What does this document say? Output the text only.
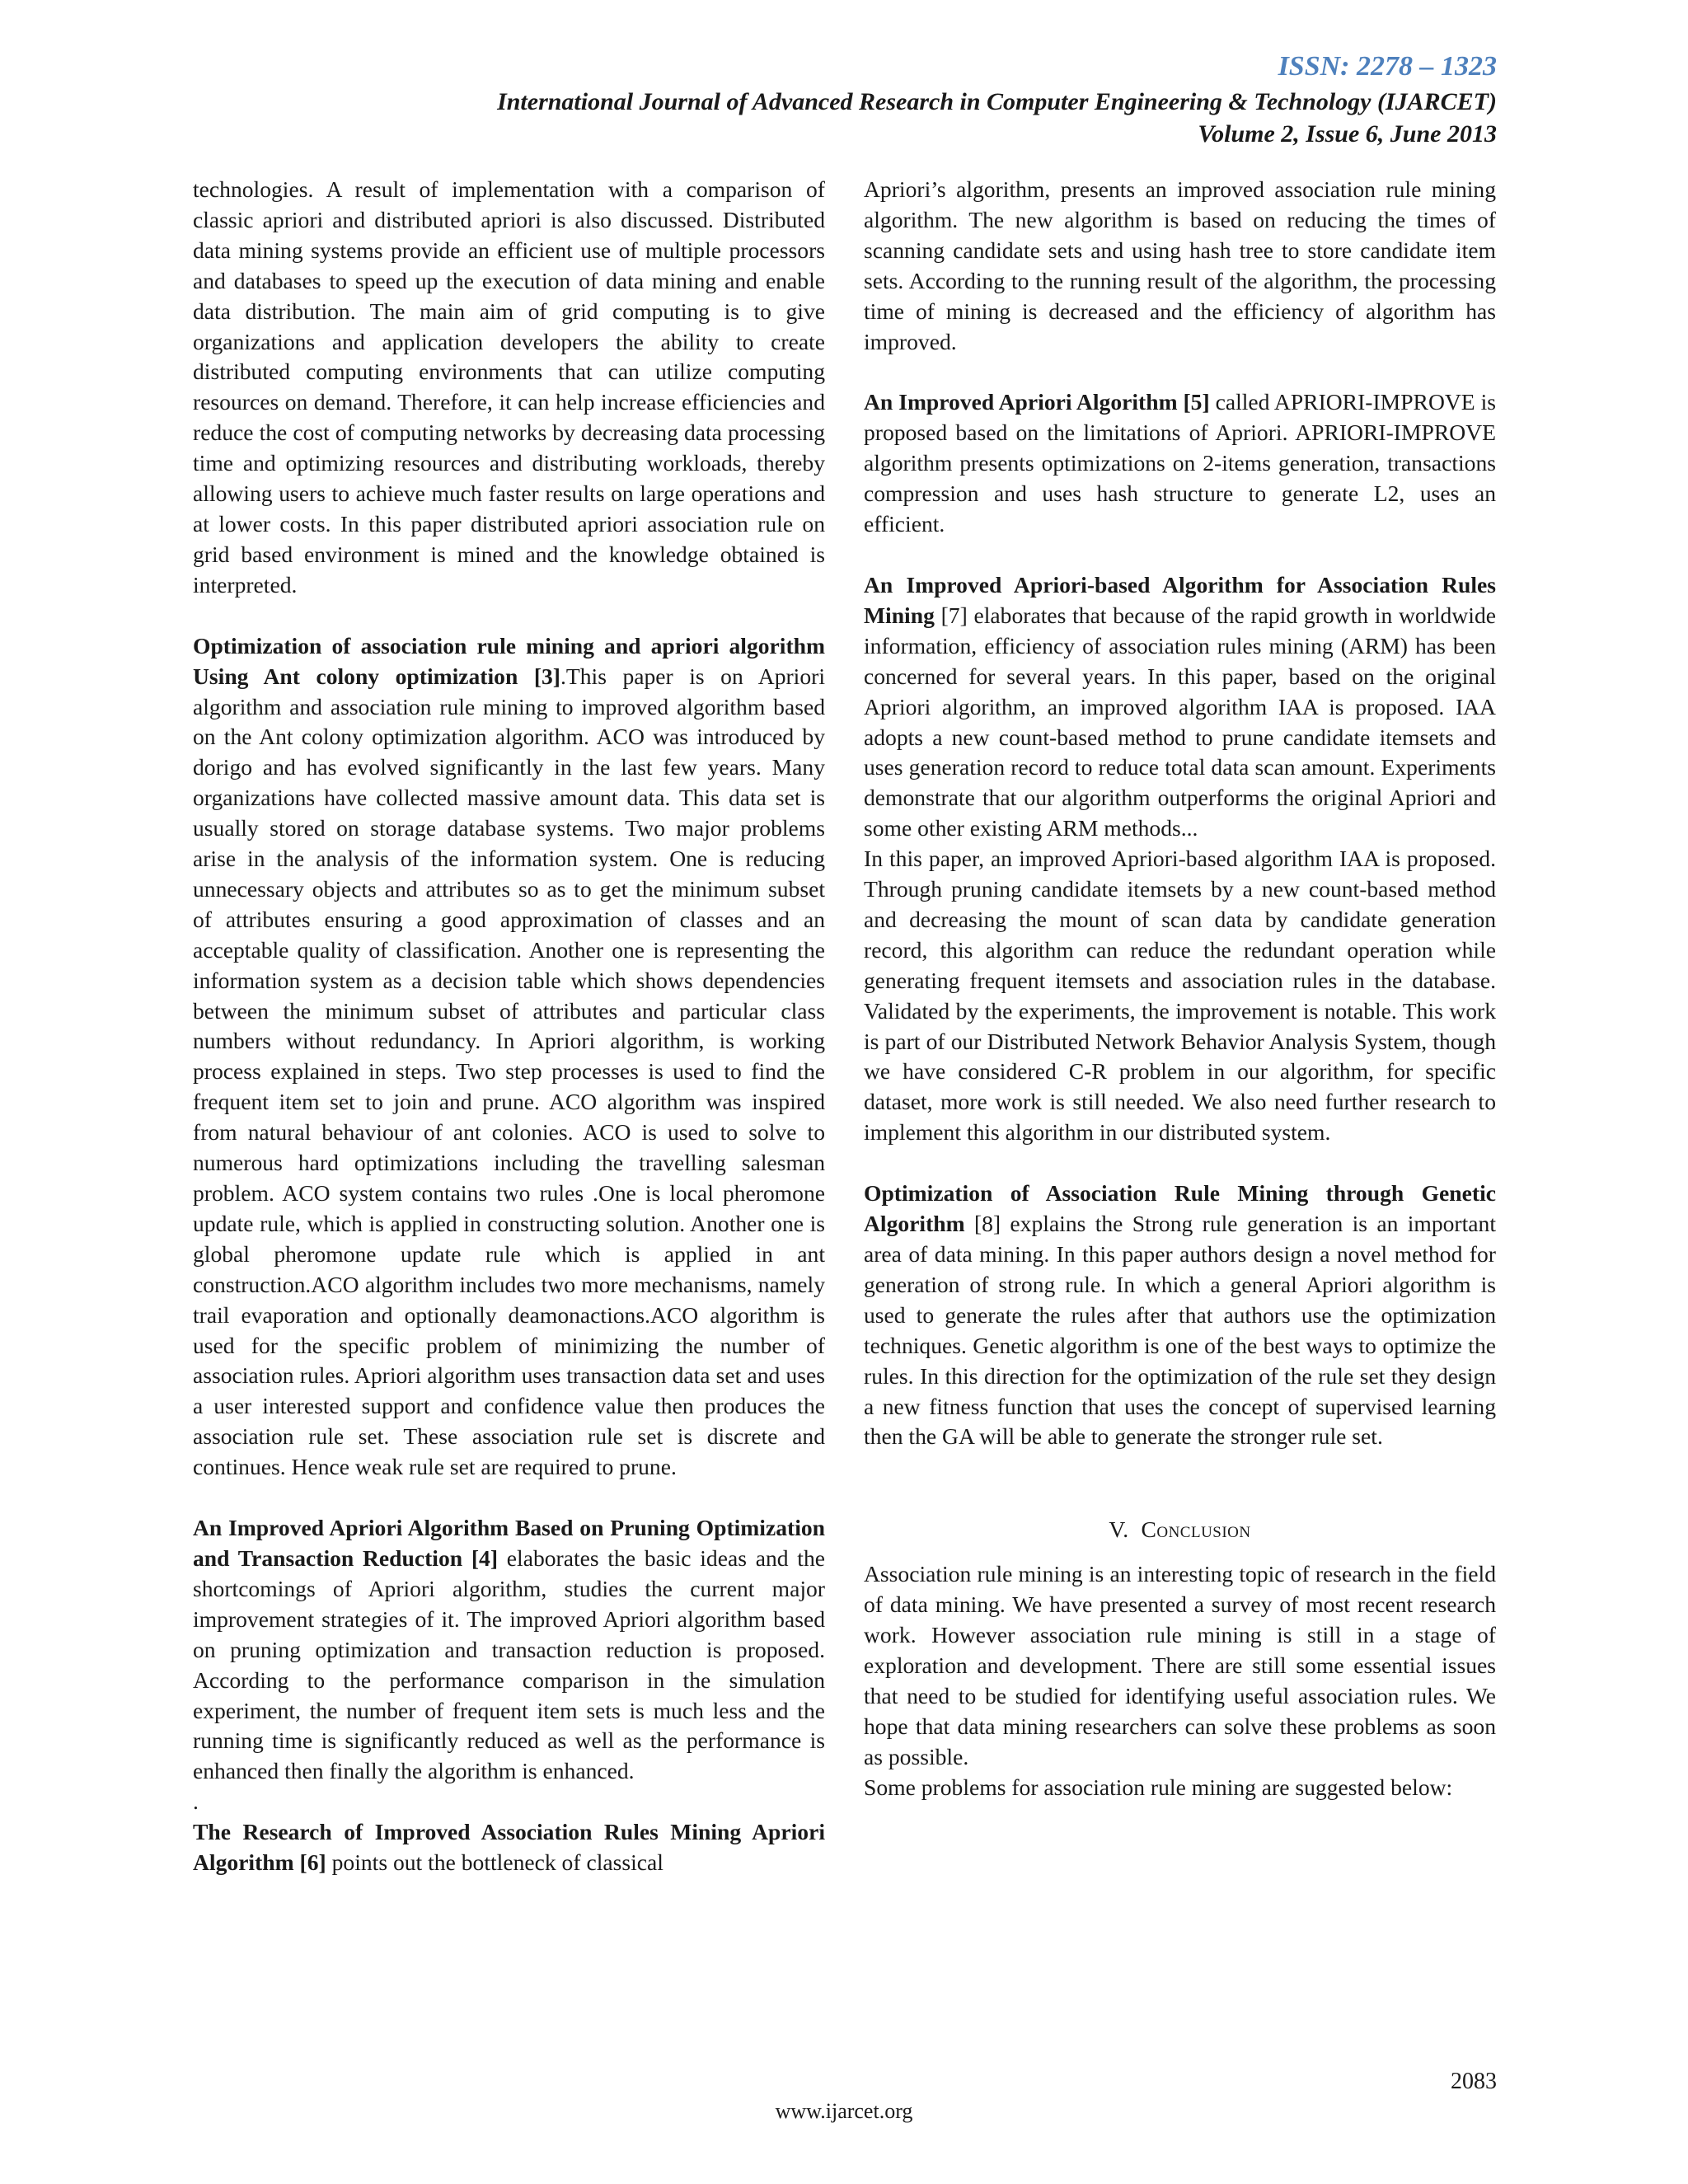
ISSN: 2278 – 1323
International Journal of Advanced Research in Computer Engineering & Technology (IJARCET)
Volume 2, Issue 6, June 2013

technologies. A result of implementation with a comparison of classic apriori and distributed apriori is also discussed. Distributed data mining systems provide an efficient use of multiple processors and databases to speed up the execution of data mining and enable data distribution. The main aim of grid computing is to give organizations and application developers the ability to create distributed computing environments that can utilize computing resources on demand. Therefore, it can help increase efficiencies and reduce the cost of computing networks by decreasing data processing time and optimizing resources and distributing workloads, thereby allowing users to achieve much faster results on large operations and at lower costs. In this paper distributed apriori association rule on grid based environment is mined and the knowledge obtained is interpreted.

Optimization of association rule mining and apriori algorithm Using Ant colony optimization [3].This paper is on Apriori algorithm and association rule mining to improved algorithm based on the Ant colony optimization algorithm. ACO was introduced by dorigo and has evolved significantly in the last few years. Many organizations have collected massive amount data. This data set is usually stored on storage database systems. Two major problems arise in the analysis of the information system. One is reducing unnecessary objects and attributes so as to get the minimum subset of attributes ensuring a good approximation of classes and an acceptable quality of classification. Another one is representing the information system as a decision table which shows dependencies between the minimum subset of attributes and particular class numbers without redundancy. In Apriori algorithm, is working process explained in steps. Two step processes is used to find the frequent item set to join and prune. ACO algorithm was inspired from natural behaviour of ant colonies. ACO is used to solve to numerous hard optimizations including the travelling salesman problem. ACO system contains two rules .One is local pheromone update rule, which is applied in constructing solution. Another one is global pheromone update rule which is applied in ant construction.ACO algorithm includes two more mechanisms, namely trail evaporation and optionally deamonactions.ACO algorithm is used for the specific problem of minimizing the number of association rules. Apriori algorithm uses transaction data set and uses a user interested support and confidence value then produces the association rule set. These association rule set is discrete and continues. Hence weak rule set are required to prune.

An Improved Apriori Algorithm Based on Pruning Optimization and Transaction Reduction [4] elaborates the basic ideas and the shortcomings of Apriori algorithm, studies the current major improvement strategies of it. The improved Apriori algorithm based on pruning optimization and transaction reduction is proposed. According to the performance comparison in the simulation experiment, the number of frequent item sets is much less and the running time is significantly reduced as well as the performance is enhanced then finally the algorithm is enhanced.

.

The Research of Improved Association Rules Mining Apriori Algorithm [6] points out the bottleneck of classical

Apriori’s algorithm, presents an improved association rule mining algorithm. The new algorithm is based on reducing the times of scanning candidate sets and using hash tree to store candidate item sets. According to the running result of the algorithm, the processing time of mining is decreased and the efficiency of algorithm has improved.

An Improved Apriori Algorithm [5] called APRIORI-IMPROVE is proposed based on the limitations of Apriori. APRIORI-IMPROVE algorithm presents optimizations on 2-items generation, transactions compression and uses hash structure to generate L2, uses an efficient.

An Improved Apriori-based Algorithm for Association Rules Mining [7] elaborates that because of the rapid growth in worldwide information, efficiency of association rules mining (ARM) has been concerned for several years. In this paper, based on the original Apriori algorithm, an improved algorithm IAA is proposed. IAA adopts a new count-based method to prune candidate itemsets and uses generation record to reduce total data scan amount. Experiments demonstrate that our algorithm outperforms the original Apriori and some other existing ARM methods...

In this paper, an improved Apriori-based algorithm IAA is proposed. Through pruning candidate itemsets by a new count-based method and decreasing the mount of scan data by candidate generation record, this algorithm can reduce the redundant operation while generating frequent itemsets and association rules in the database. Validated by the experiments, the improvement is notable. This work is part of our Distributed Network Behavior Analysis System, though we have considered C-R problem in our algorithm, for specific dataset, more work is still needed. We also need further research to implement this algorithm in our distributed system.

Optimization of Association Rule Mining through Genetic Algorithm [8] explains the Strong rule generation is an important area of data mining. In this paper authors design a novel method for generation of strong rule. In which a general Apriori algorithm is used to generate the rules after that authors use the optimization techniques. Genetic algorithm is one of the best ways to optimize the rules. In this direction for the optimization of the rule set they design a new fitness function that uses the concept of supervised learning then the GA will be able to generate the stronger rule set.

V. Conclusion

Association rule mining is an interesting topic of research in the field of data mining. We have presented a survey of most recent research work. However association rule mining is still in a stage of exploration and development. There are still some essential issues that need to be studied for identifying useful association rules. We hope that data mining researchers can solve these problems as soon as possible.

Some problems for association rule mining are suggested below:

2083
www.ijarcet.org
